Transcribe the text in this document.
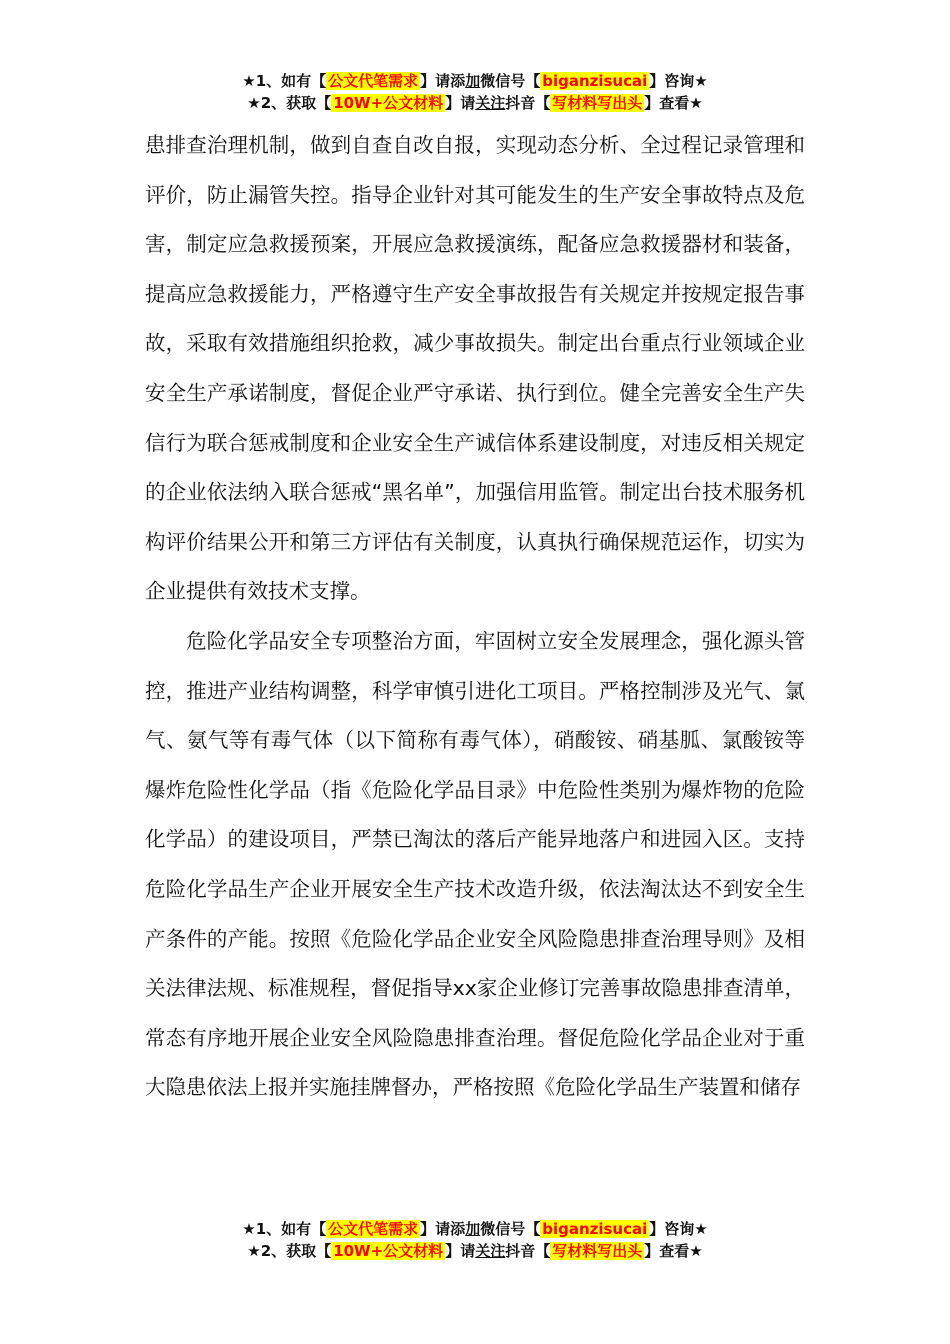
★1、如有【 公文代笔需求 】请添加微信号【 biganzisucai 】咨询★
★2、获取【 10W+公文材料 】请关注抖音【 写材料写出头 】查看★

患排查治理机制，做到自查自改自报，实现动态分析、全过程记录管理和评价，防止漏管失控。指导企业针对其可能发生的生产安全事故特点及危害，制定应急救援预案，开展应急救援演练，配备应急救援器材和装备，提高应急救援能力，严格遵守生产安全事故报告有关规定并按规定报告事故，采取有效措施组织抢救，减少事故损失。制定出台重点行业领域企业安全生产承诺制度，督促企业严守承诺、执行到位。健全完善安全生产失信行为联合惩戒制度和企业安全生产诚信体系建设制度，对违反相关规定的企业依法纳入联合惩戒“黑名单”，加强信用监管。制定出台技术服务机构评价结果公开和第三方评估有关制度，认真执行确保规范运作，切实为企业提供有效技术支撑。

危险化学品安全专项整治方面，牢固树立安全发展理念，强化源头管控，推进产业结构调整，科学审慎引进化工项目。严格控制涉及光气、氯气、氨气等有毒气体（以下简称有毒气体），硝酸铵、硝基胍、氯酸铵等爆炸危险性化学品（指《危险化学品目录》中危险性类别为爆炸物的危险化学品）的建设项目，严禁已淘汰的落后产能异地落户和进园入区。支持危险化学品生产企业开展安全生产技术改造升级，依法淘汰达不到安全生产条件的产能。按照《危险化学品企业安全风险隐患排查治理导则》及相关法律法规、标准规程，督促指导xx家企业修订完善事故隐患排查清单，常态有序地开展企业安全风险隐患排查治理。督促危险化学品企业对于重大隐患依法上报并实施挂牌督办，严格按照《危险化学品生产装置和储存

★1、如有【 公文代笔需求 】请添加微信号【 biganzisucai 】咨询★
★2、获取【 10W+公文材料 】请关注抖音【 写材料写出头 】查看★
